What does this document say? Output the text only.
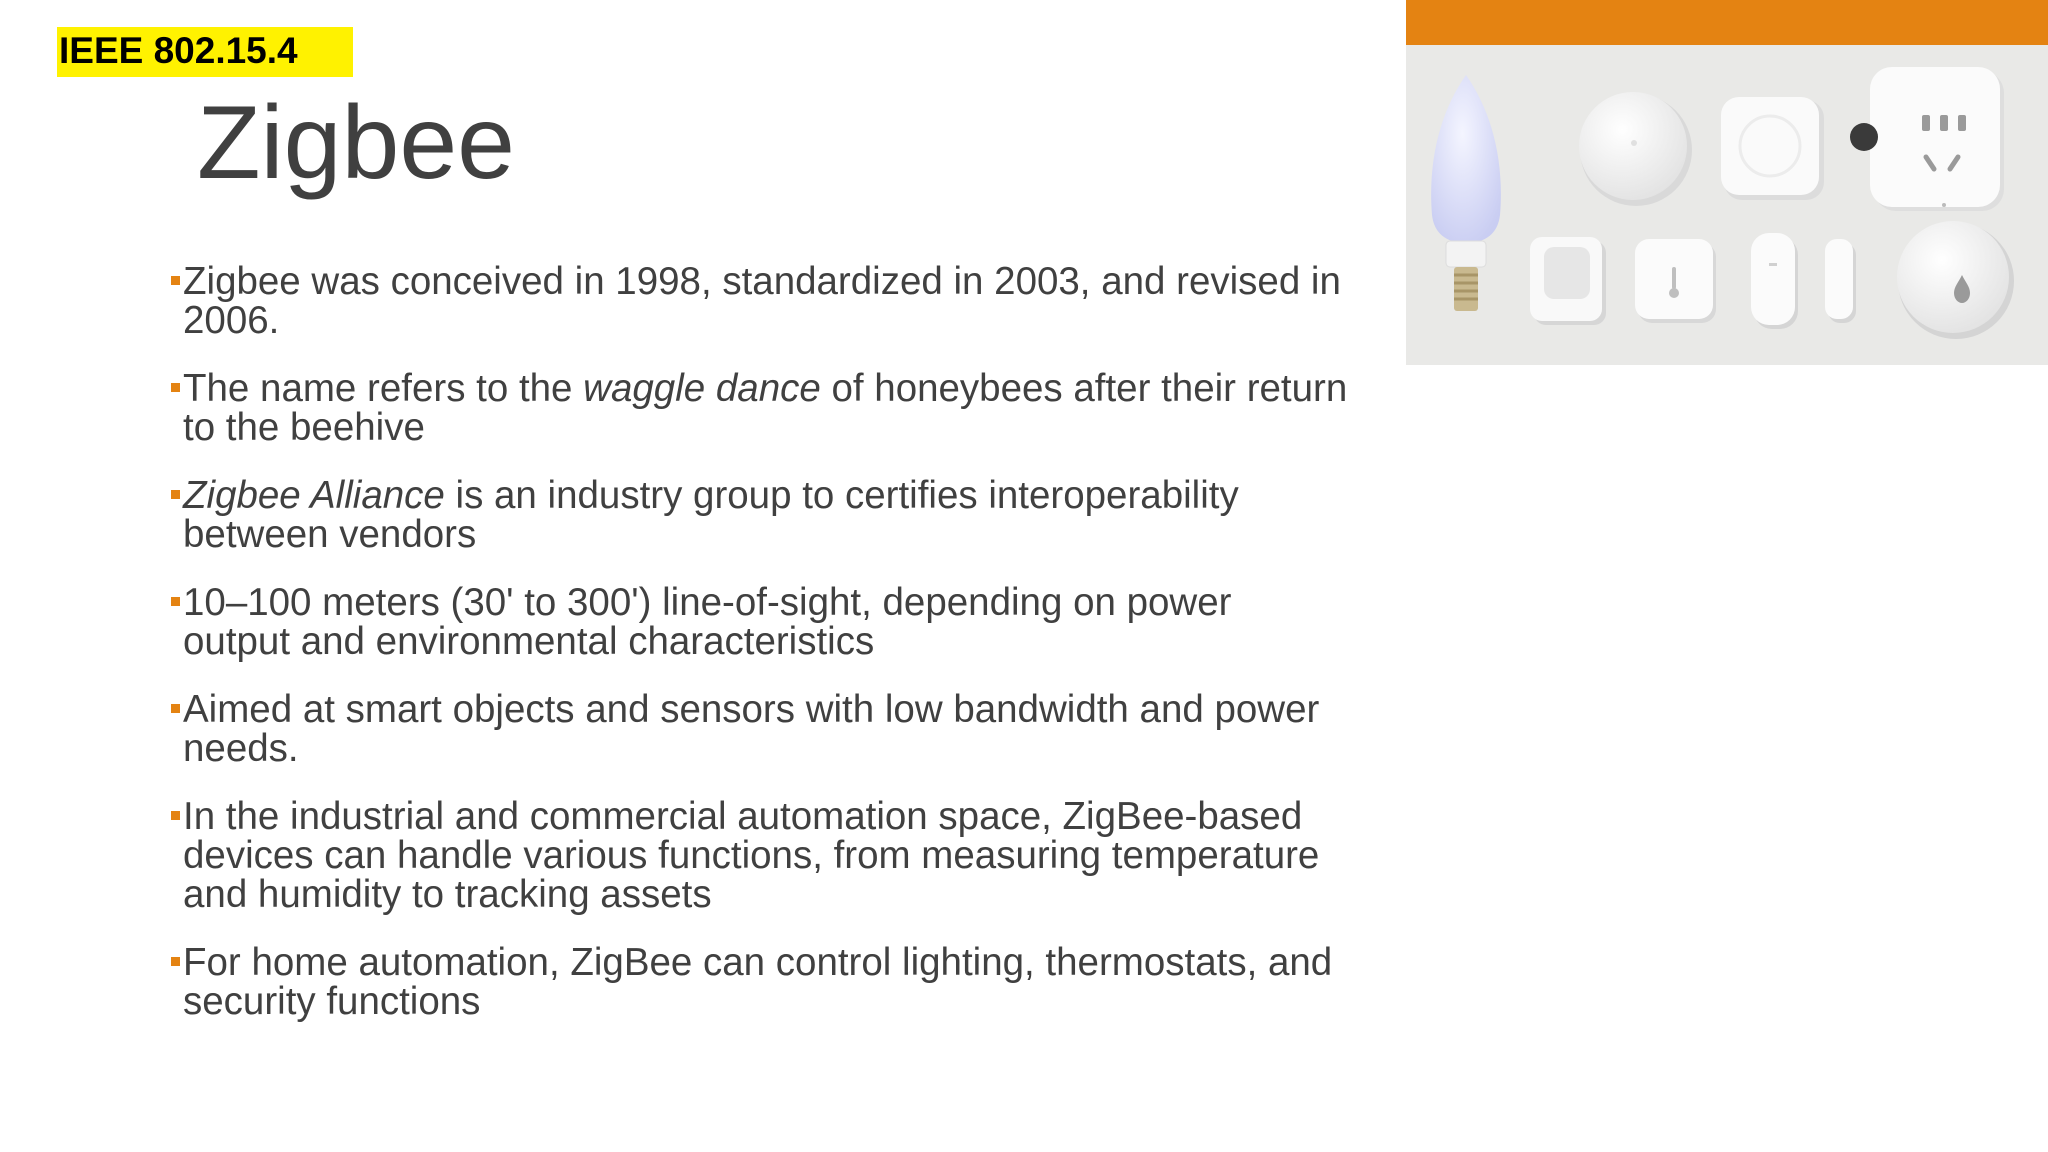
IEEE 802.15.4
Zigbee
Zigbee was conceived in 1998, standardized in 2003, and revised in 2006.
The name refers to the waggle dance of honeybees after their return to the beehive
Zigbee Alliance is an industry group to certifies interoperability between vendors
10–100 meters (30' to 300') line-of-sight, depending on power output and environmental characteristics
Aimed at smart objects and sensors with low bandwidth and power needs.
In the industrial and commercial automation space, ZigBee-based devices can handle various functions, from measuring temperature and humidity to tracking assets
For home automation, ZigBee can control lighting, thermostats, and security functions
